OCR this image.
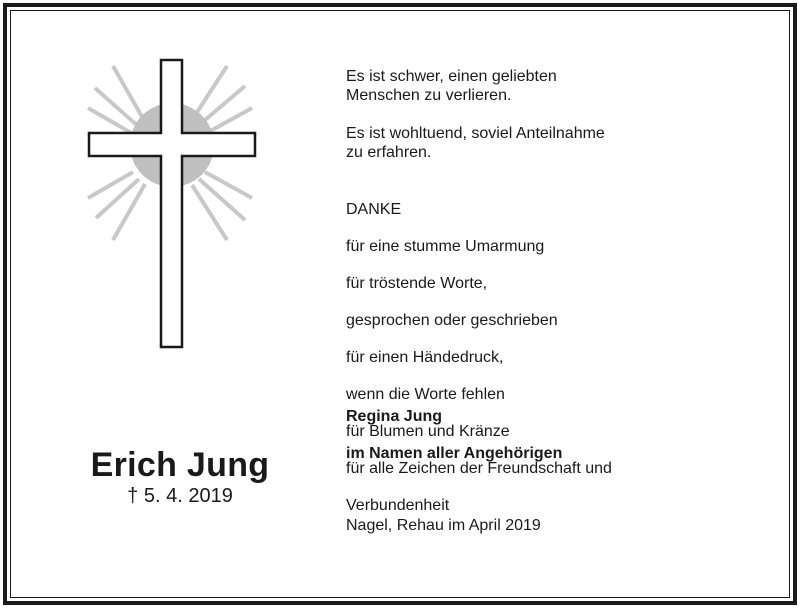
Erich Jung
† 5. 4. 2019
Es ist schwer, einen geliebten
Menschen zu verlieren.
Es ist wohltuend, soviel Anteilnahme
zu erfahren.

DANKE

für eine stumme Umarmung

für tröstende Worte,

gesprochen oder geschrieben

für einen Händedruck,

wenn die Worte fehlen

für Blumen und Kränze

für alle Zeichen der Freundschaft und

Verbundenheit

Regina Jung

im Namen aller Angehörigen

Nagel, Rehau im April 2019
